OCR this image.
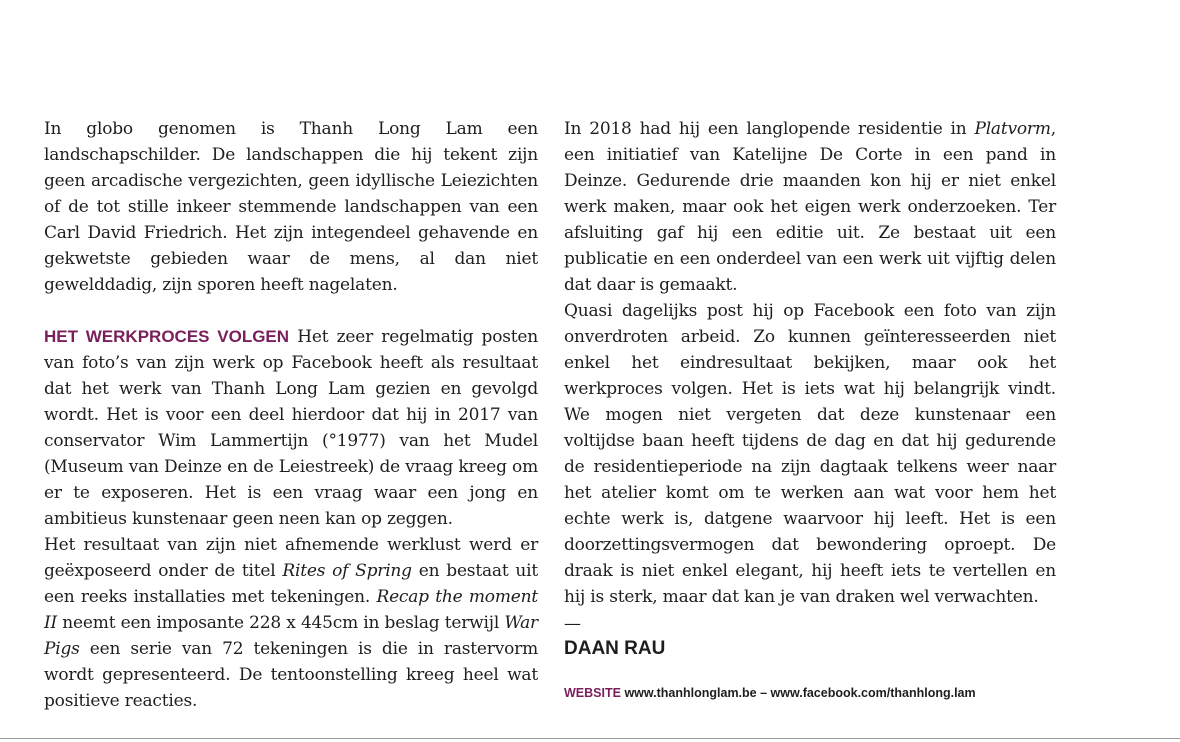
In globo genomen is Thanh Long Lam een landschapschilder. De landschappen die hij tekent zijn geen arcadische vergezichten, geen idyllische Leiezichten of de tot stille inkeer stemmende landschappen van een Carl David Friedrich. Het zijn integendeel gehavende en gekwetste gebieden waar de mens, al dan niet gewelddadig, zijn sporen heeft nagelaten.

HET WERKPROCES VOLGEN Het zeer regelmatig posten van foto’s van zijn werk op Facebook heeft als resultaat dat het werk van Thanh Long Lam gezien en gevolgd wordt. Het is voor een deel hierdoor dat hij in 2017 van conservator Wim Lammertijn (°1977) van het Mudel (Museum van Deinze en de Leiestreek) de vraag kreeg om er te exposeren. Het is een vraag waar een jong en ambitieus kunstenaar geen neen kan op zeggen.

Het resultaat van zijn niet afnemende werklust werd er geëxposeerd onder de titel Rites of Spring en bestaat uit een reeks installaties met tekeningen. Recap the moment II neemt een imposante 228 x 445cm in beslag terwijl War Pigs een serie van 72 tekeningen is die in rastervorm wordt gepresenteerd. De tentoonstelling kreeg heel wat positieve reacties.

In 2018 had hij een langlopende residentie in Platvorm, een initiatief van Katelijne De Corte in een pand in Deinze. Gedurende drie maanden kon hij er niet enkel werk maken, maar ook het eigen werk onderzoeken. Ter afsluiting gaf hij een editie uit. Ze bestaat uit een publicatie en een onderdeel van een werk uit vijftig delen dat daar is gemaakt.

Quasi dagelijks post hij op Facebook een foto van zijn onverdroten arbeid. Zo kunnen geïnteresseerden niet enkel het eindresultaat bekijken, maar ook het werkproces volgen. Het is iets wat hij belangrijk vindt. We mogen niet vergeten dat deze kunstenaar een voltijdse baan heeft tijdens de dag en dat hij gedurende de residentieperiode na zijn dagtaak telkens weer naar het atelier komt om te werken aan wat voor hem het echte werk is, datgene waarvoor hij leeft. Het is een doorzettingsvermogen dat bewondering oproept. De draak is niet enkel elegant, hij heeft iets te vertellen en hij is sterk, maar dat kan je van draken wel verwachten.

—
DAAN RAU
WEBSITE www.thanhlonglam.be – www.facebook.com/thanhlong.lam
